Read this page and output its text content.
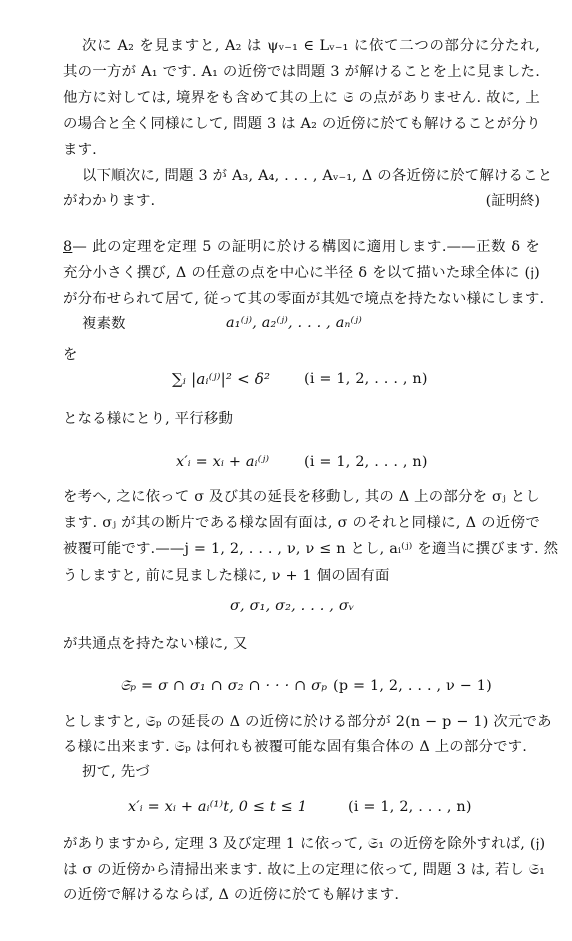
次に A₂ を見ますと, A₂ は ψᵥ₋₁ ∈ Lᵥ₋₁ に依て二つの部分に分たれ,
其の一方が A₁ です. A₁ の近傍では問題 3 が解けることを上に見ました.
他方に対しては, 境界をも含めて其の上に 𝔖 の点がありません. 故に, 上
の場合と全く同様にして, 問題 3 は A₂ の近傍に於ても解けることが分り
ます.
以下順次に, 問題 3 が A₃, A₄, . . . , Aᵥ₋₁, Δ の各近傍に於て解けること
がわかります.	(証明終)
8 — 此の定理を定理 5 の証明に於ける構図に適用します.——正数 δ を
充分小さく撰び, Δ の任意の点を中心に半径 δ を以て描いた球全体に (𝔧)
が分布せられて居て, 従って其の零面が其処で境点を持たない様にします.
複素数	a₁⁽ʲ⁾, a₂⁽ʲ⁾, . . . , aₙ⁽ʲ⁾
を
∑ᵢ |aᵢ⁽ʲ⁾|² < δ² (i = 1, 2, . . . , n)
となる様にとり, 平行移動
x′ᵢ = xᵢ + aᵢ⁽ʲ⁾ (i = 1, 2, . . . , n)
を考へ, 之に依って σ 及び其の延長を移動し, 其の Δ 上の部分を σⱼ とし
ます. σⱼ が其の断片である様な固有面は, σ のそれと同様に, Δ の近傍で
被覆可能です.——j = 1, 2, . . . , ν, ν ≤ n とし, aᵢ⁽ʲ⁾ を適当に撰びます. 然
うしますと, 前に見ました様に, ν + 1 個の固有面
σ, σ₁, σ₂, . . . , σᵥ
が共通点を持たない様に, 又
𝔖ₚ = σ ∩ σ₁ ∩ σ₂ ∩ · · · ∩ σₚ (p = 1, 2, . . . , ν − 1)
としますと, 𝔖ₚ の延長の Δ の近傍に於ける部分が 2(n − p − 1) 次元であ
る様に出来ます. 𝔖ₚ は何れも被覆可能な固有集合体の Δ 上の部分です.
扨て, 先づ
x′ᵢ = xᵢ + aᵢ⁽¹⁾t, 0 ≤ t ≤ 1	(i = 1, 2, . . . , n)
がありますから, 定理 3 及び定理 1 に依って, 𝔖₁ の近傍を除外すれば, (𝔧)
は σ の近傍から清掃出来ます. 故に上の定理に依って, 問題 3 は, 若し 𝔖₁
の近傍で解けるならば, Δ の近傍に於ても解けます.
